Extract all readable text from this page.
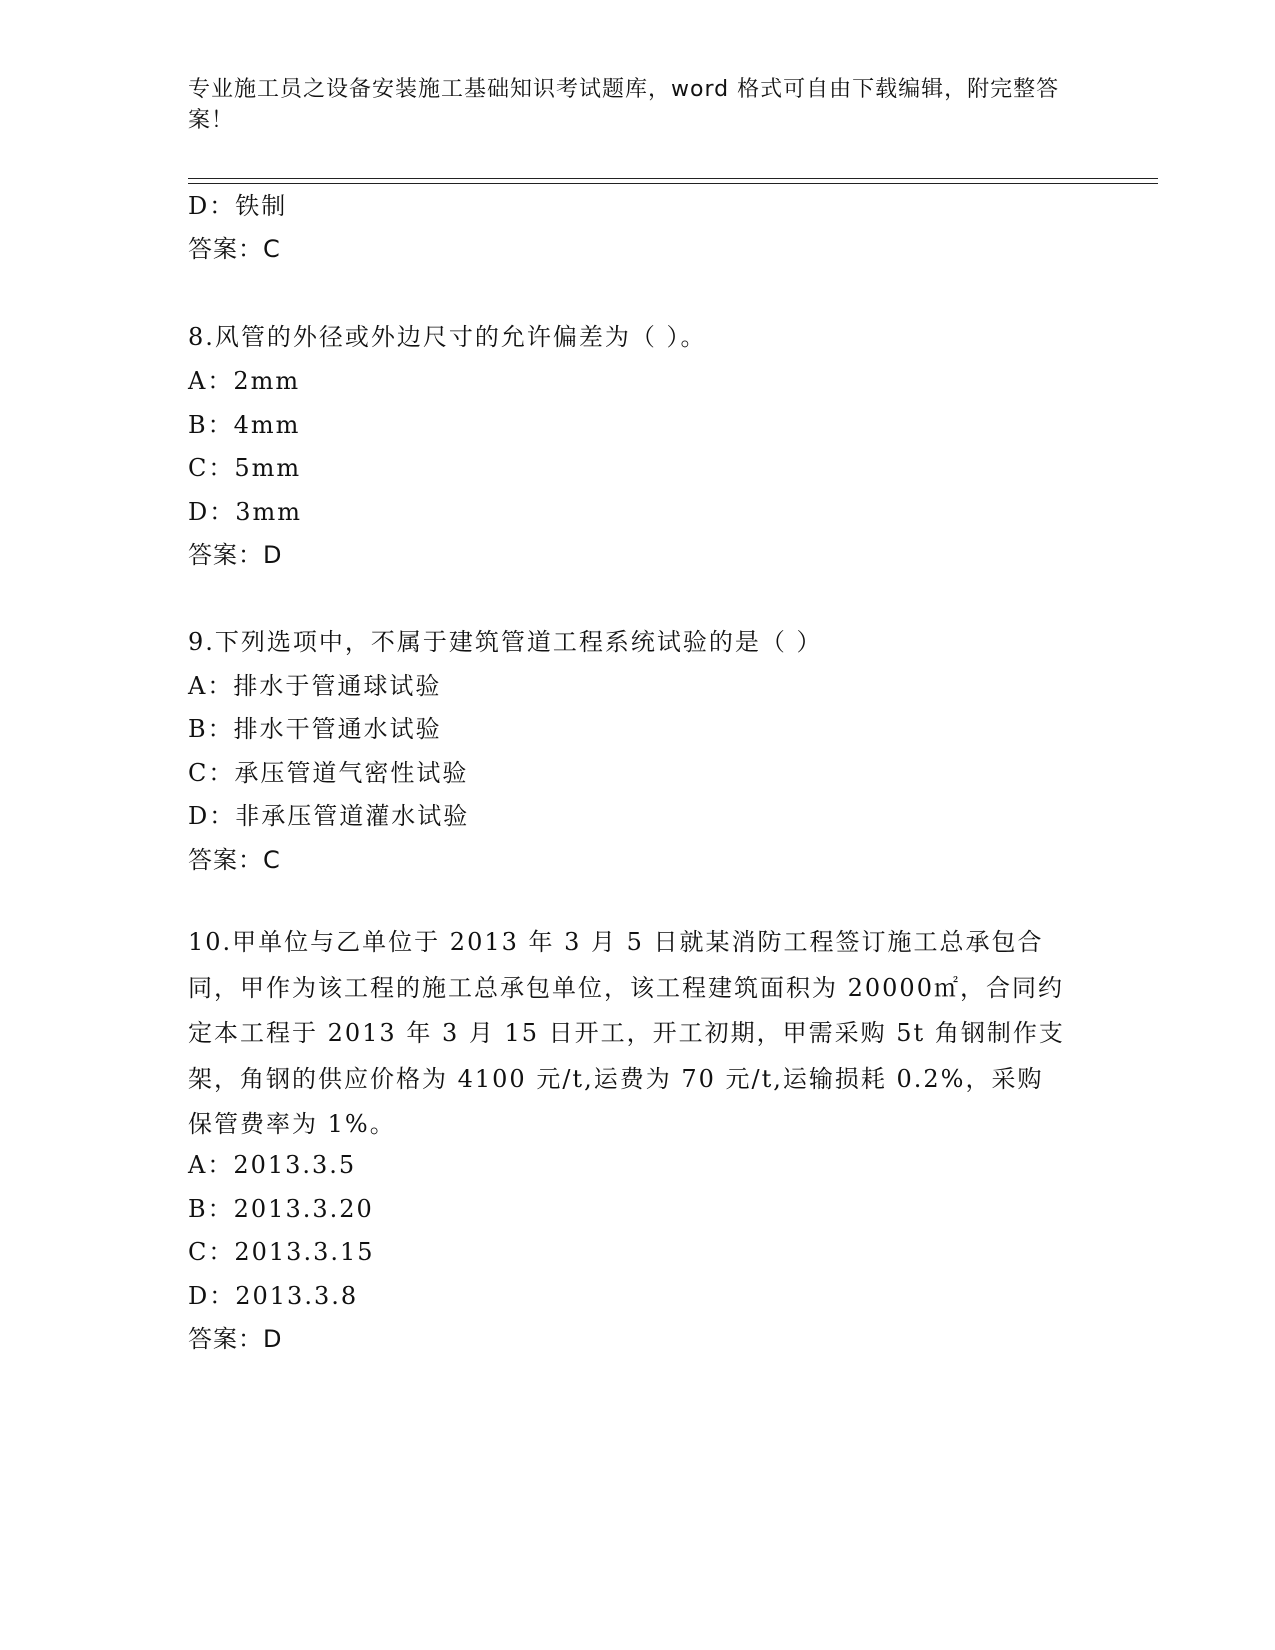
专业施工员之设备安装施工基础知识考试题库，word 格式可自由下载编辑，附完整答案！
D：铁制
答案：C
8.风管的外径或外边尺寸的允许偏差为（ ）。
A：2mm
B：4mm
C：5mm
D：3mm
答案：D
9.下列选项中，不属于建筑管道工程系统试验的是（ ）
A：排水于管通球试验
B：排水干管通水试验
C：承压管道气密性试验
D：非承压管道灌水试验
答案：C
10.甲单位与乙单位于 2013 年 3 月 5 日就某消防工程签订施工总承包合同，甲作为该工程的施工总承包单位，该工程建筑面积为 20000㎡，合同约定本工程于 2013 年 3 月 15 日开工，开工初期，甲需采购 5t 角钢制作支架，角钢的供应价格为 4100 元/t,运费为 70 元/t,运输损耗 0.2%，采购保管费率为 1%。
A：2013.3.5
B：2013.3.20
C：2013.3.15
D：2013.3.8
答案：D
